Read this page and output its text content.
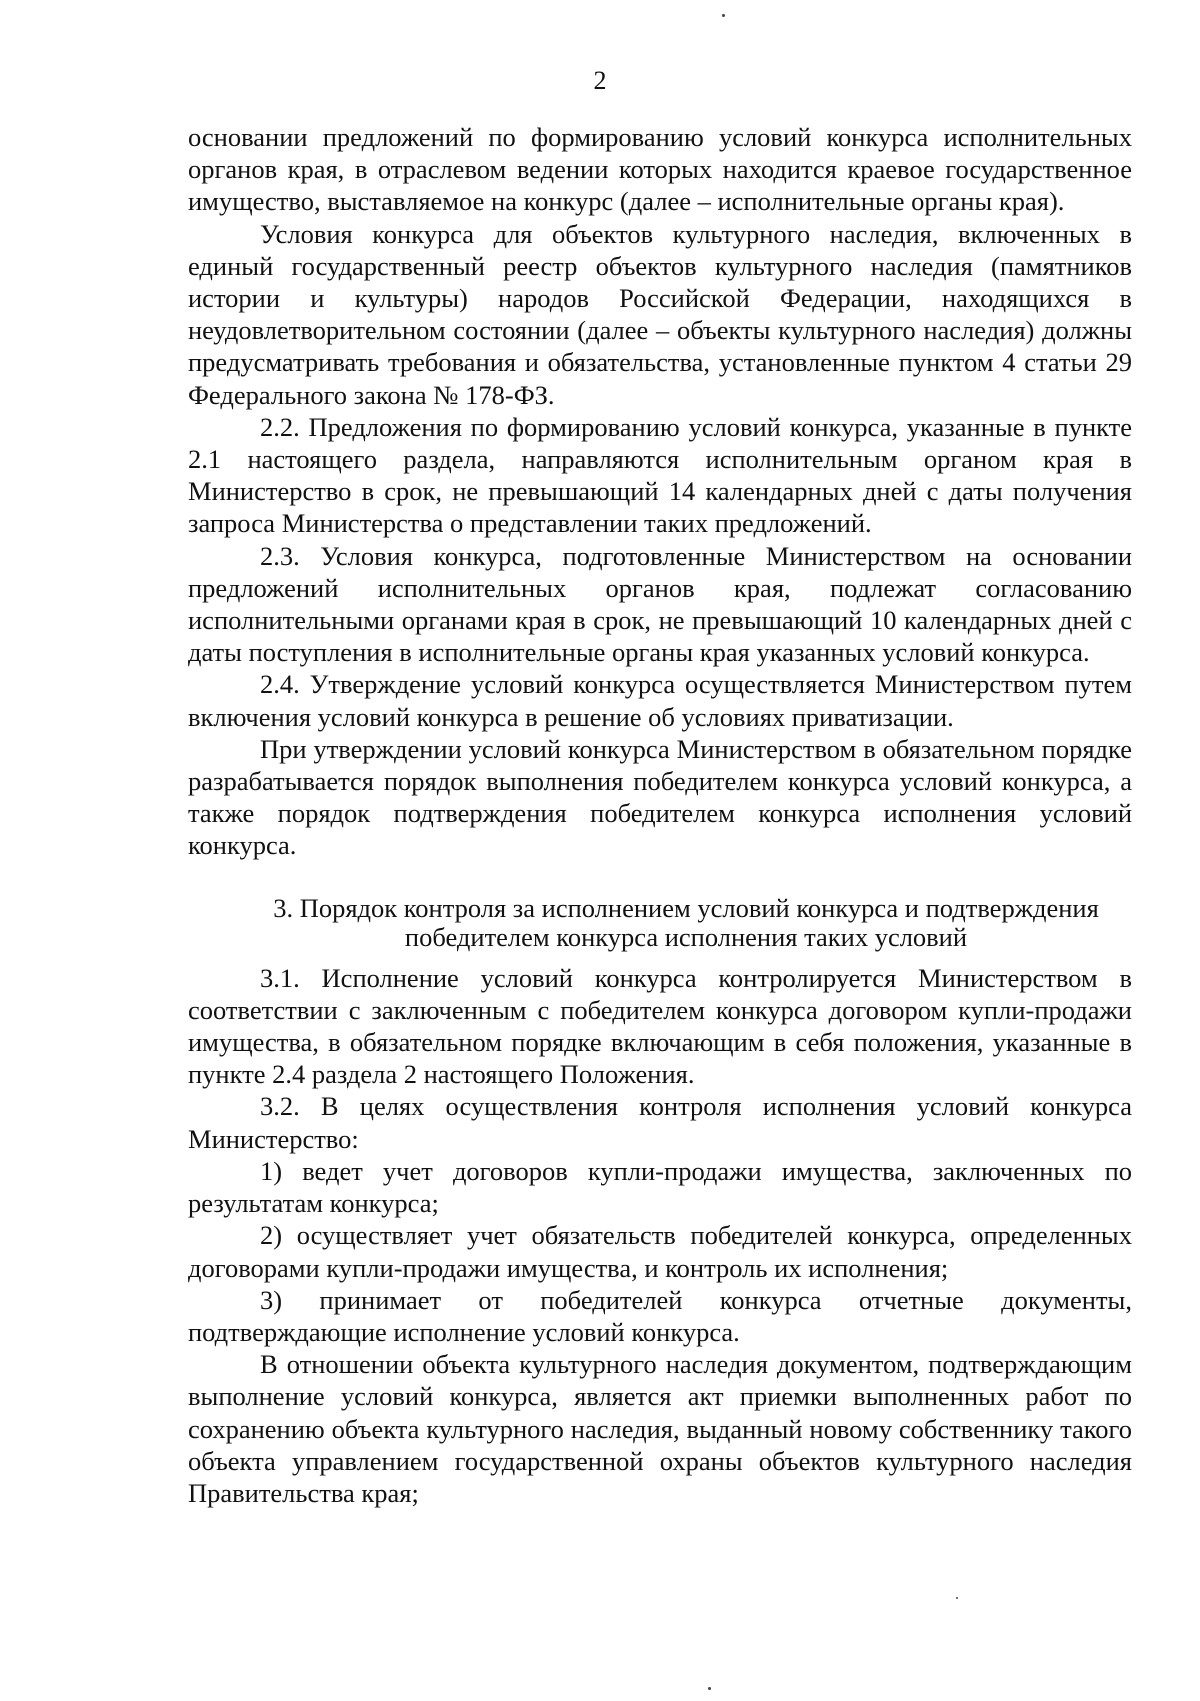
2

основании предложений по формированию условий конкурса исполнительных органов края, в отраслевом ведении которых находится краевое государственное имущество, выставляемое на конкурс (далее – исполнительные органы края).

Условия конкурса для объектов культурного наследия, включенных в единый государственный реестр объектов культурного наследия (памятников истории и культуры) народов Российской Федерации, находящихся в неудовлетворительном состоянии (далее – объекты культурного наследия) должны предусматривать требования и обязательства, установленные пунктом 4 статьи 29 Федерального закона № 178-ФЗ.

2.2. Предложения по формированию условий конкурса, указанные в пункте 2.1 настоящего раздела, направляются исполнительным органом края в Министерство в срок, не превышающий 14 календарных дней с даты получения запроса Министерства о представлении таких предложений.

2.3. Условия конкурса, подготовленные Министерством на основании предложений исполнительных органов края, подлежат согласованию исполнительными органами края в срок, не превышающий 10 календарных дней с даты поступления в исполнительные органы края указанных условий конкурса.

2.4. Утверждение условий конкурса осуществляется Министерством путем включения условий конкурса в решение об условиях приватизации.

При утверждении условий конкурса Министерством в обязательном порядке разрабатывается порядок выполнения победителем конкурса условий конкурса, а также порядок подтверждения победителем конкурса исполнения условий конкурса.

3. Порядок контроля за исполнением условий конкурса и подтверждения
победителем конкурса исполнения таких условий

3.1. Исполнение условий конкурса контролируется Министерством в соответствии с заключенным с победителем конкурса договором купли-продажи имущества, в обязательном порядке включающим в себя положения, указанные в пункте 2.4 раздела 2 настоящего Положения.

3.2. В целях осуществления контроля исполнения условий конкурса Министерство:

1) ведет учет договоров купли-продажи имущества, заключенных по результатам конкурса;

2) осуществляет учет обязательств победителей конкурса, определенных договорами купли-продажи имущества, и контроль их исполнения;

3) принимает от победителей конкурса отчетные документы, подтверждающие исполнение условий конкурса.

В отношении объекта культурного наследия документом, подтверждающим выполнение условий конкурса, является акт приемки выполненных работ по сохранению объекта культурного наследия, выданный новому собственнику такого объекта управлением государственной охраны объектов культурного наследия Правительства края;
